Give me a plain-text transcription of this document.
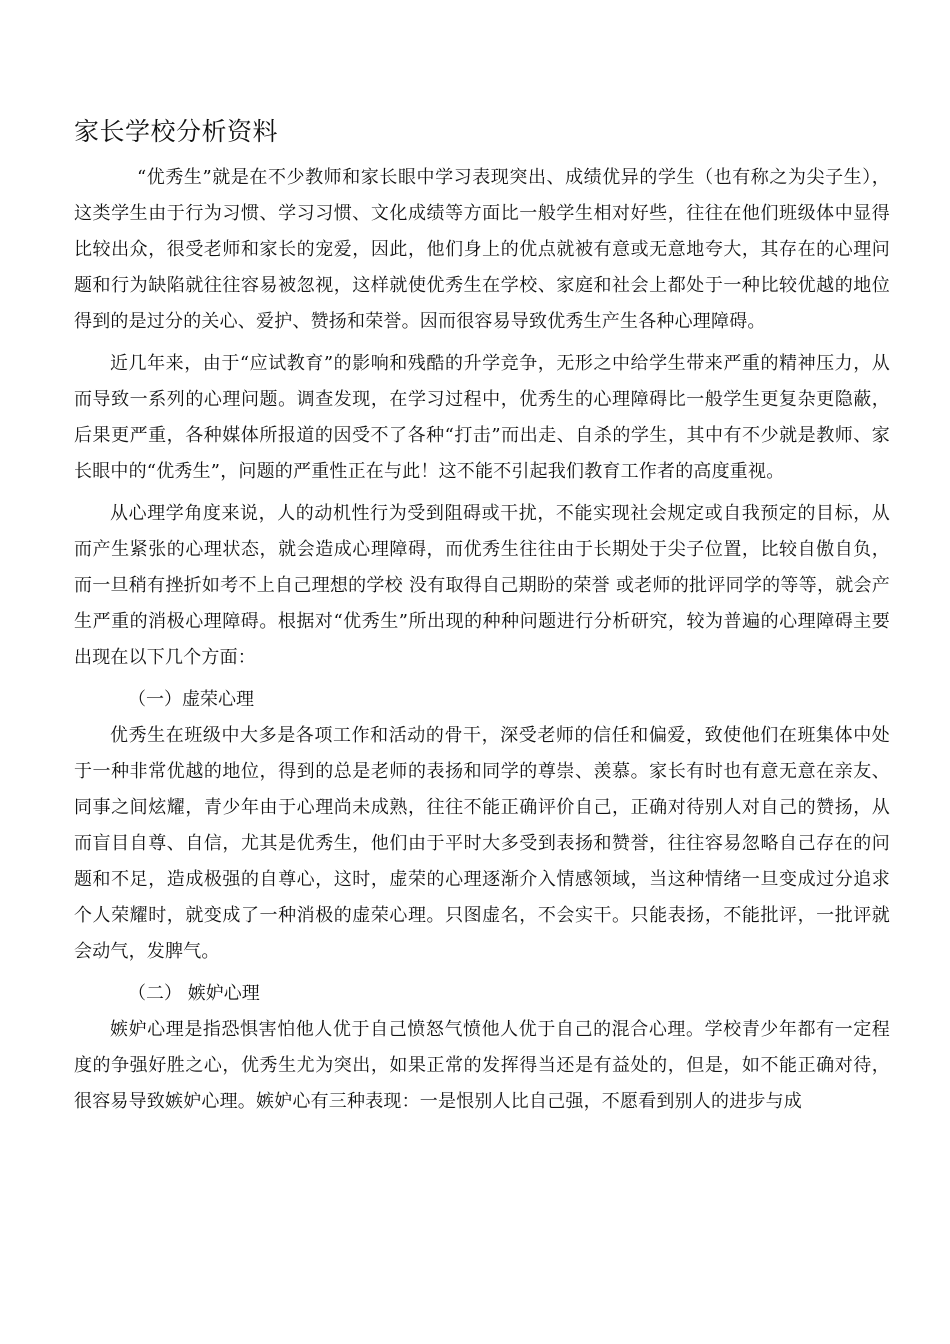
家长学校分析资料

“优秀生”就是在不少教师和家长眼中学习表现突出、成绩优异的学生（也有称之为尖子生），这类学生由于行为习惯、学习习惯、文化成绩等方面比一般学生相对好些，往往在他们班级体中显得比较出众，很受老师和家长的宠爱，因此，他们身上的优点就被有意或无意地夸大，其存在的心理问题和行为缺陷就往往容易被忽视，这样就使优秀生在学校、家庭和社会上都处于一种比较优越的地位 得到的是过分的关心、爱护、赞扬和荣誉。因而很容易导致优秀生产生各种心理障碍。

近几年来，由于“应试教育”的影响和残酷的升学竞争，无形之中给学生带来严重的精神压力，从而导致一系列的心理问题。调查发现，在学习过程中，优秀生的心理障碍比一般学生更复杂更隐蔽，后果更严重，各种媒体所报道的因受不了各种“打击”而出走、自杀的学生，其中有不少就是教师、家长眼中的“优秀生”，问题的严重性正在与此！这不能不引起我们教育工作者的高度重视。

从心理学角度来说，人的动机性行为受到阻碍或干扰，不能实现社会规定或自我预定的目标，从而产生紧张的心理状态，就会造成心理障碍，而优秀生往往由于长期处于尖子位置，比较自傲自负，而一旦稍有挫折如考不上自己理想的学校 没有取得自己期盼的荣誉 或老师的批评同学的等等，就会产生严重的消极心理障碍。根据对“优秀生”所出现的种种问题进行分析研究，较为普遍的心理障碍主要出现在以下几个方面：

（一）虚荣心理

优秀生在班级中大多是各项工作和活动的骨干，深受老师的信任和偏爱，致使他们在班集体中处于一种非常优越的地位，得到的总是老师的表扬和同学的尊崇、羡慕。家长有时也有意无意在亲友、同事之间炫耀，青少年由于心理尚未成熟，往往不能正确评价自己，正确对待别人对自己的赞扬，从而盲目自尊、自信，尤其是优秀生，他们由于平时大多受到表扬和赞誉，往往容易忽略自己存在的问题和不足，造成极强的自尊心，这时，虚荣的心理逐渐介入情感领域，当这种情绪一旦变成过分追求个人荣耀时，就变成了一种消极的虚荣心理。只图虚名，不会实干。只能表扬，不能批评，一批评就会动气，发脾气。

（二） 嫉妒心理

嫉妒心理是指恐惧害怕他人优于自己愤怒气愤他人优于自己的混合心理。学校青少年都有一定程度的争强好胜之心，优秀生尤为突出，如果正常的发挥得当还是有益处的，但是，如不能正确对待，很容易导致嫉妒心理。嫉妒心有三种表现：一是恨别人比自己强，不愿看到别人的进步与成
